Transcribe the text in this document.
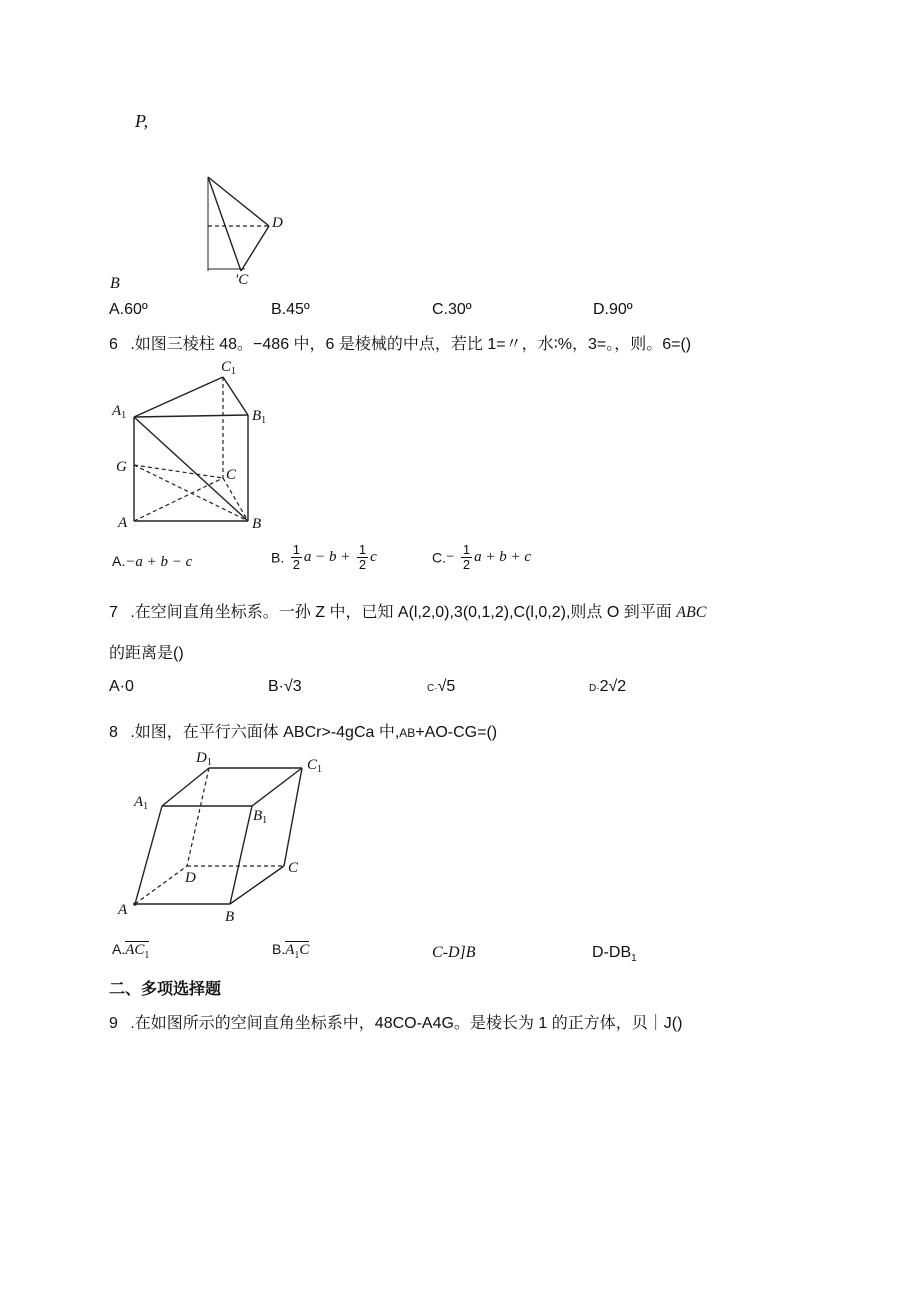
P,
D
'C
B
A.60º	B.45º	C.30º	D.90º
6 .如图三棱柱 48。−486 中，6 是棱械的中点，若比 1=〃，水∶%，3=。，则。6=()
$C_1$
$A_1$	$B_1$
G	C
A	B
A.−a + b − c	B. $\frac{1}{2}$ $a - b + \frac{1}{2}$ c	$C.- \frac{1}{2}$ a + b + c
7 .在空间直角坐标系。一孙 Z 中，已知 A(l,2,0),3(0,1,2),C(l,0,2),则点 O 到平面 ABC
的距离是()
A·0	B·√3	C·√5	D·2√2
8 .如图，在平行六面体 ABCr>-4gCa 中,AB+AO-CG=()
$D_1$	$C_1$
$A_1$
$B_1$
D
C
A	B
$A.AC_1$	$B.A_1C$	C-D]B	$D-DB_1$
二、多项选择题
9 .在如图所示的空间直角坐标系中，48CO-A4G。是棱长为 1 的正方体，贝｜J()
